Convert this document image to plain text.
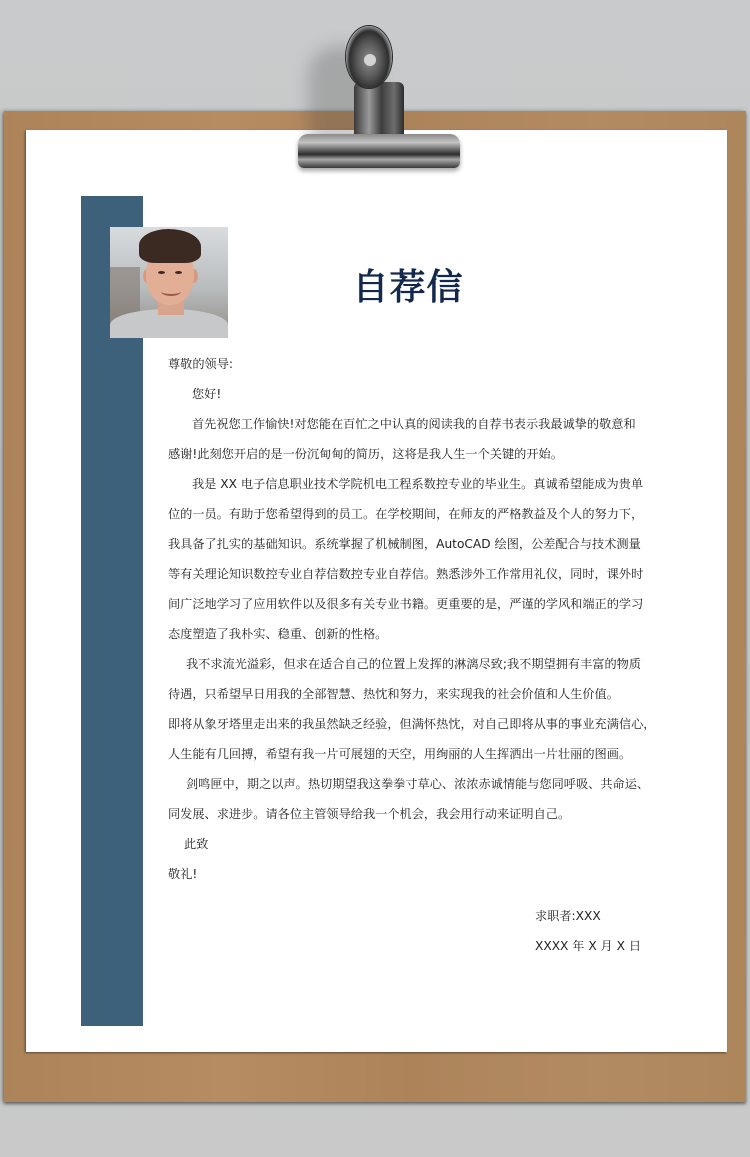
自荐信
尊敬的领导:
您好!
首先祝您工作愉快!对您能在百忙之中认真的阅读我的自荐书表示我最诚挚的敬意和
感谢!此刻您开启的是一份沉甸甸的简历，这将是我人生一个关键的开始。
我是 XX 电子信息职业技术学院机电工程系数控专业的毕业生。真诚希望能成为贵单
位的一员。有助于您希望得到的员工。在学校期间，在师友的严格教益及个人的努力下，
我具备了扎实的基础知识。系统掌握了机械制图，AutoCAD 绘图，公差配合与技术测量
等有关理论知识数控专业自荐信数控专业自荐信。熟悉涉外工作常用礼仪，同时，课外时
间广泛地学习了应用软件以及很多有关专业书籍。更重要的是，严谨的学风和端正的学习
态度塑造了我朴实、稳重、创新的性格。
我不求流光溢彩，但求在适合自己的位置上发挥的淋漓尽致;我不期望拥有丰富的物质
待遇，只希望早日用我的全部智慧、热忱和努力，来实现我的社会价值和人生价值。
即将从象牙塔里走出来的我虽然缺乏经验，但满怀热忱，对自己即将从事的事业充满信心，
人生能有几回搏，希望有我一片可展翅的天空，用绚丽的人生挥洒出一片壮丽的图画。
剑鸣匣中，期之以声。热切期望我这拳拳寸草心、浓浓赤诚情能与您同呼吸、共命运、
同发展、求进步。请各位主管领导给我一个机会，我会用行动来证明自己。
此致
敬礼!
求职者:XXX
XXXX 年 X 月 X 日
